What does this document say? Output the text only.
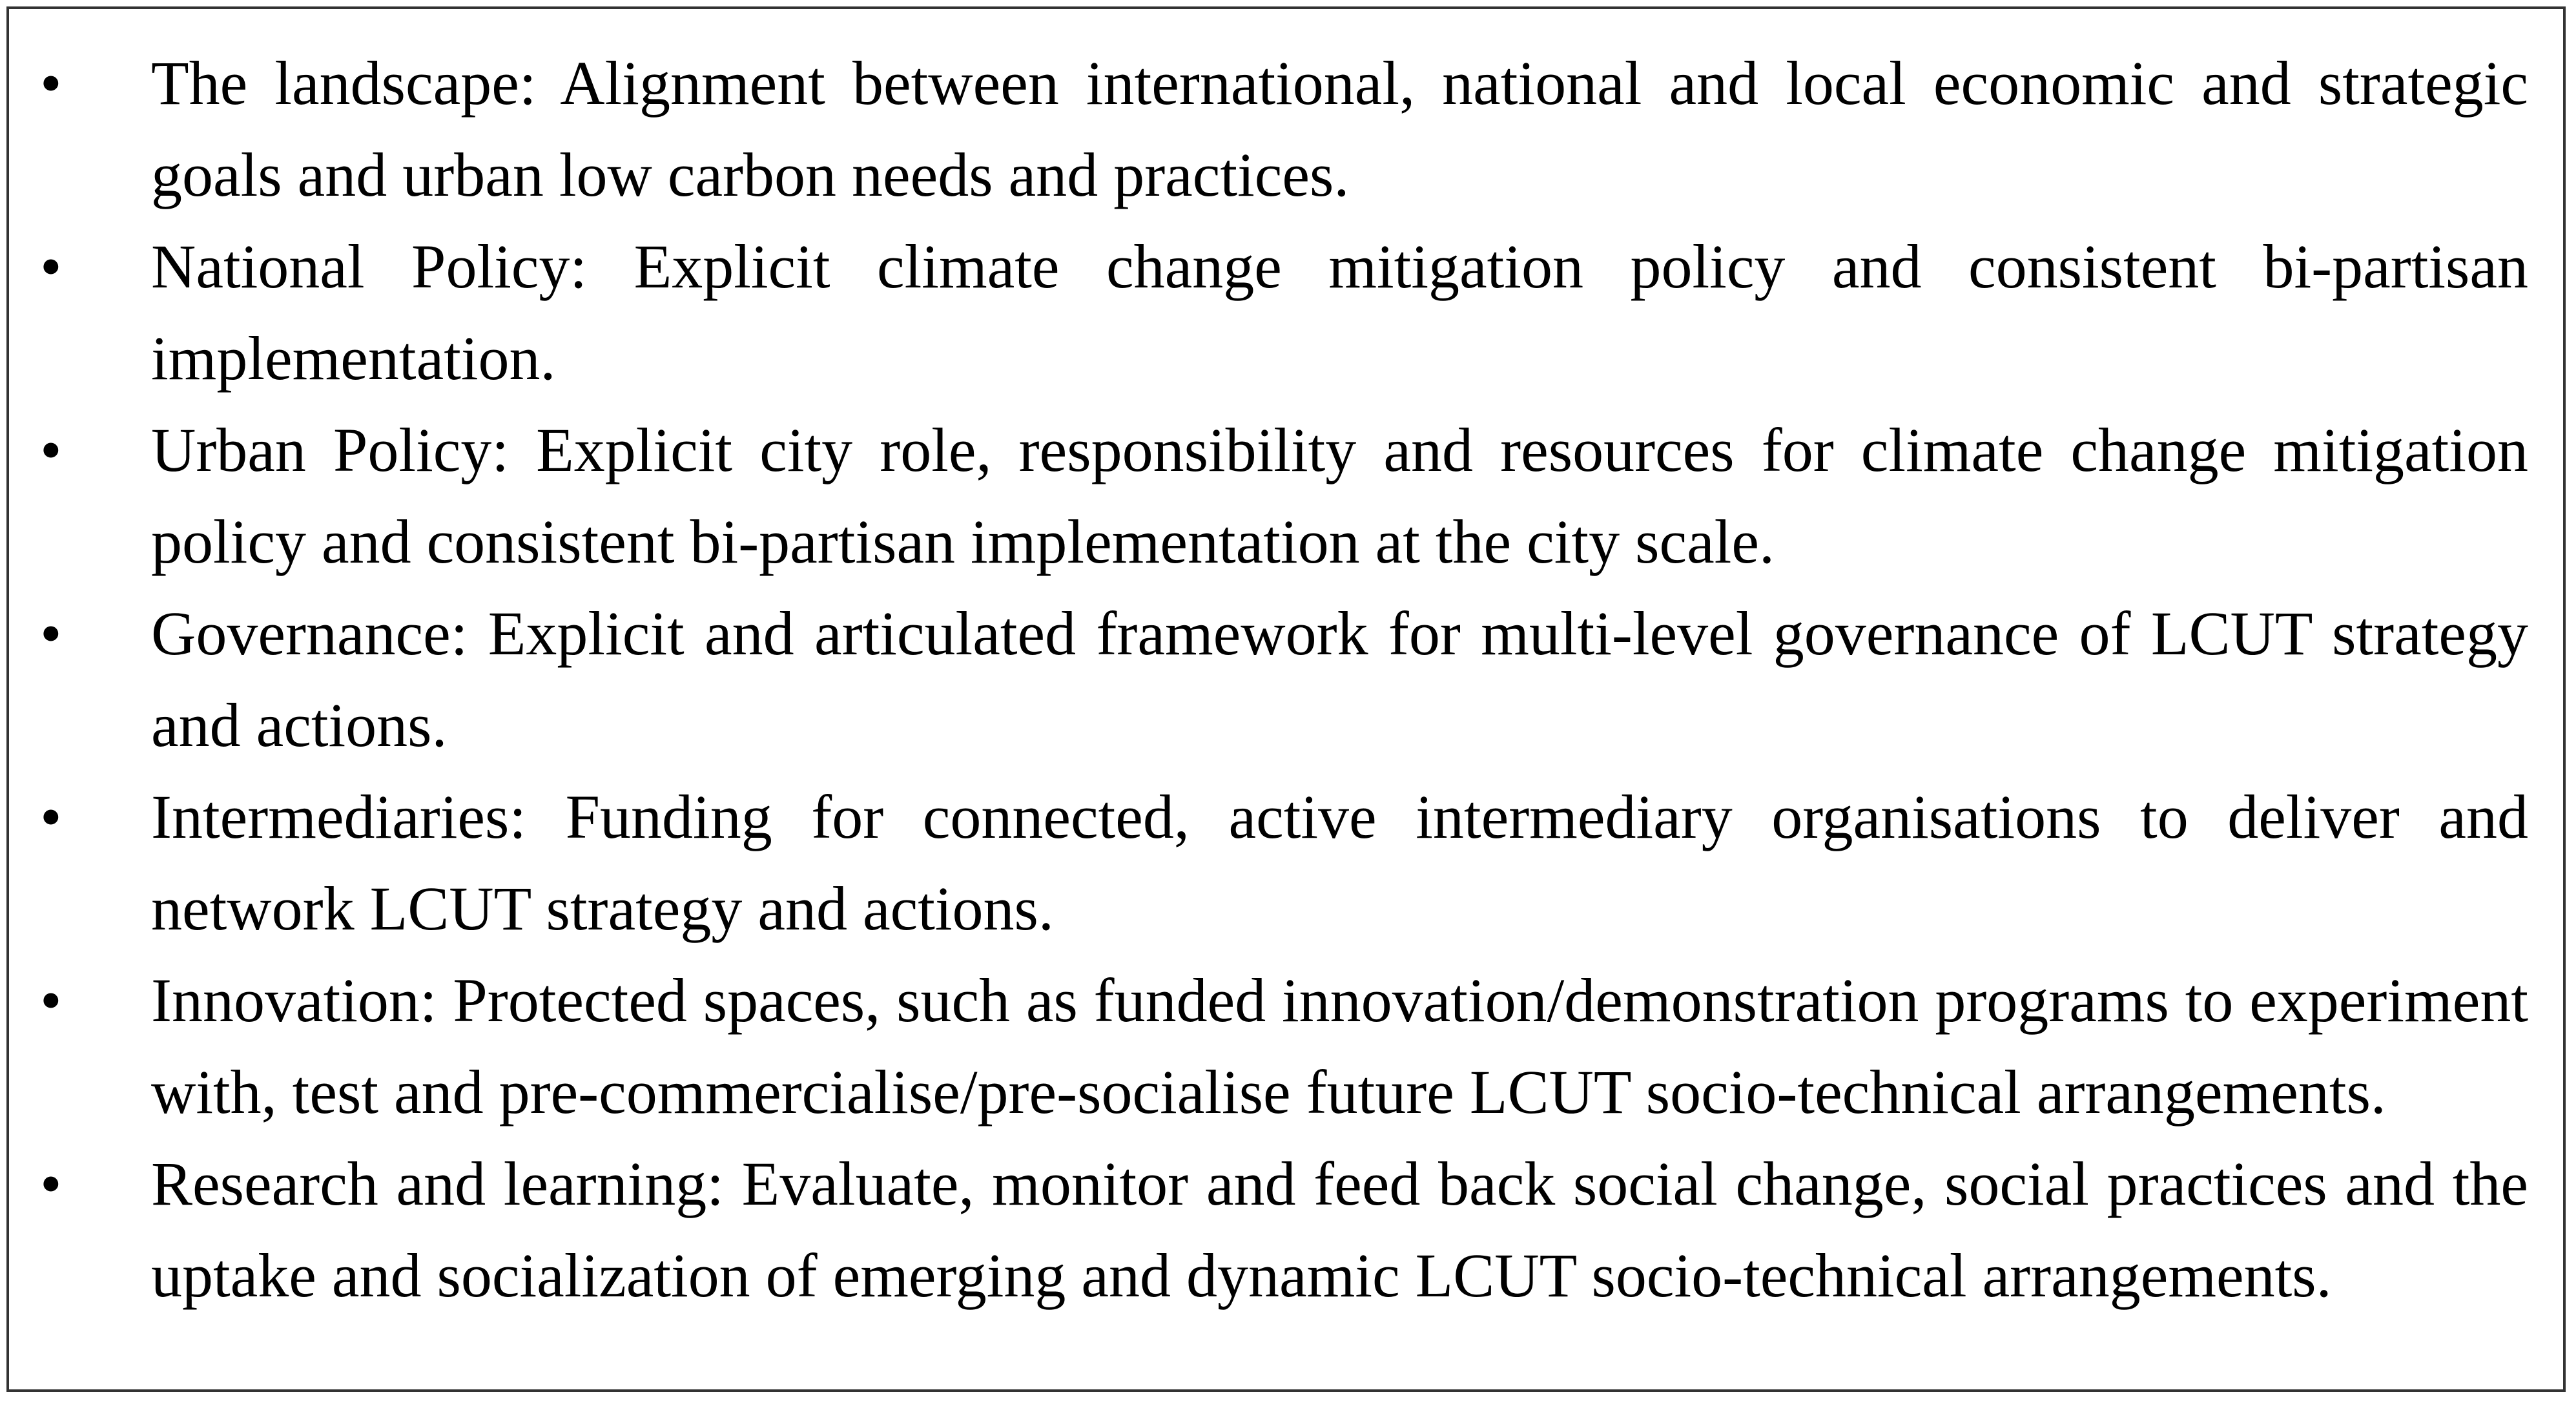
• The landscape: Alignment between international, national and local economic and strategic goals and urban low carbon needs and practices.
• National Policy: Explicit climate change mitigation policy and consistent bi-partisan implementation.
• Urban Policy: Explicit city role, responsibility and resources for climate change mitigation policy and consistent bi-partisan implementation at the city scale.
• Governance: Explicit and articulated framework for multi-level governance of LCUT strategy and actions.
• Intermediaries: Funding for connected, active intermediary organisations to deliver and network LCUT strategy and actions.
• Innovation: Protected spaces, such as funded innovation/demonstration programs to experiment with, test and pre-commercialise/pre-socialise future LCUT socio-technical arrangements.
• Research and learning: Evaluate, monitor and feed back social change, social practices and the uptake and socialization of emerging and dynamic LCUT socio-technical arrangements.
